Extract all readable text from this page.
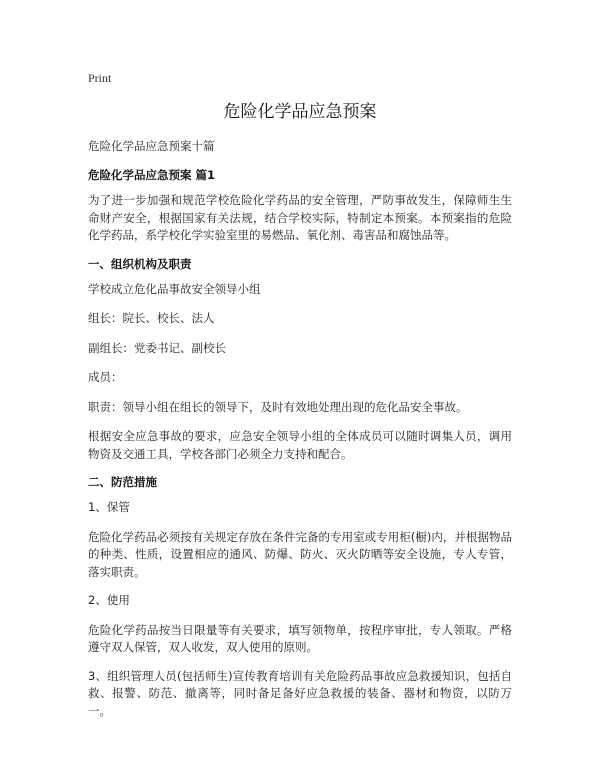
Print
危险化学品应急预案
危险化学品应急预案十篇
危险化学品应急预案 篇1

为了进一步加强和规范学校危险化学药品的安全管理，严防事故发生，保障师生生命财产安全，根据国家有关法规，结合学校实际，特制定本预案。本预案指的危险化学药品，系学校化学实验室里的易燃品、氧化剂、毒害品和腐蚀品等。

一、组织机构及职责

学校成立危化品事故安全领导小组

组长：院长、校长、法人

副组长：党委书记、副校长

成员：

职责：领导小组在组长的领导下，及时有效地处理出现的危化品安全事故。

根据安全应急事故的要求，应急安全领导小组的全体成员可以随时调集人员，调用物资及交通工具，学校各部门必须全力支持和配合。

二、防范措施

1、保管

危险化学药品必须按有关规定存放在条件完备的专用室或专用柜(橱)内，并根据物品的种类、性质，设置相应的通风、防爆、防火、灭火防晒等安全设施，专人专管，落实职责。

2、使用

危险化学药品按当日限量等有关要求，填写领物单，按程序审批，专人领取。严格遵守双人保管，双人收发，双人使用的原则。

3、组织管理人员(包括师生)宣传教育培训有关危险药品事故应急救援知识，包括自救、报警、防范、撤离等，同时备足备好应急救援的装备、器材和物资，以防万一。
